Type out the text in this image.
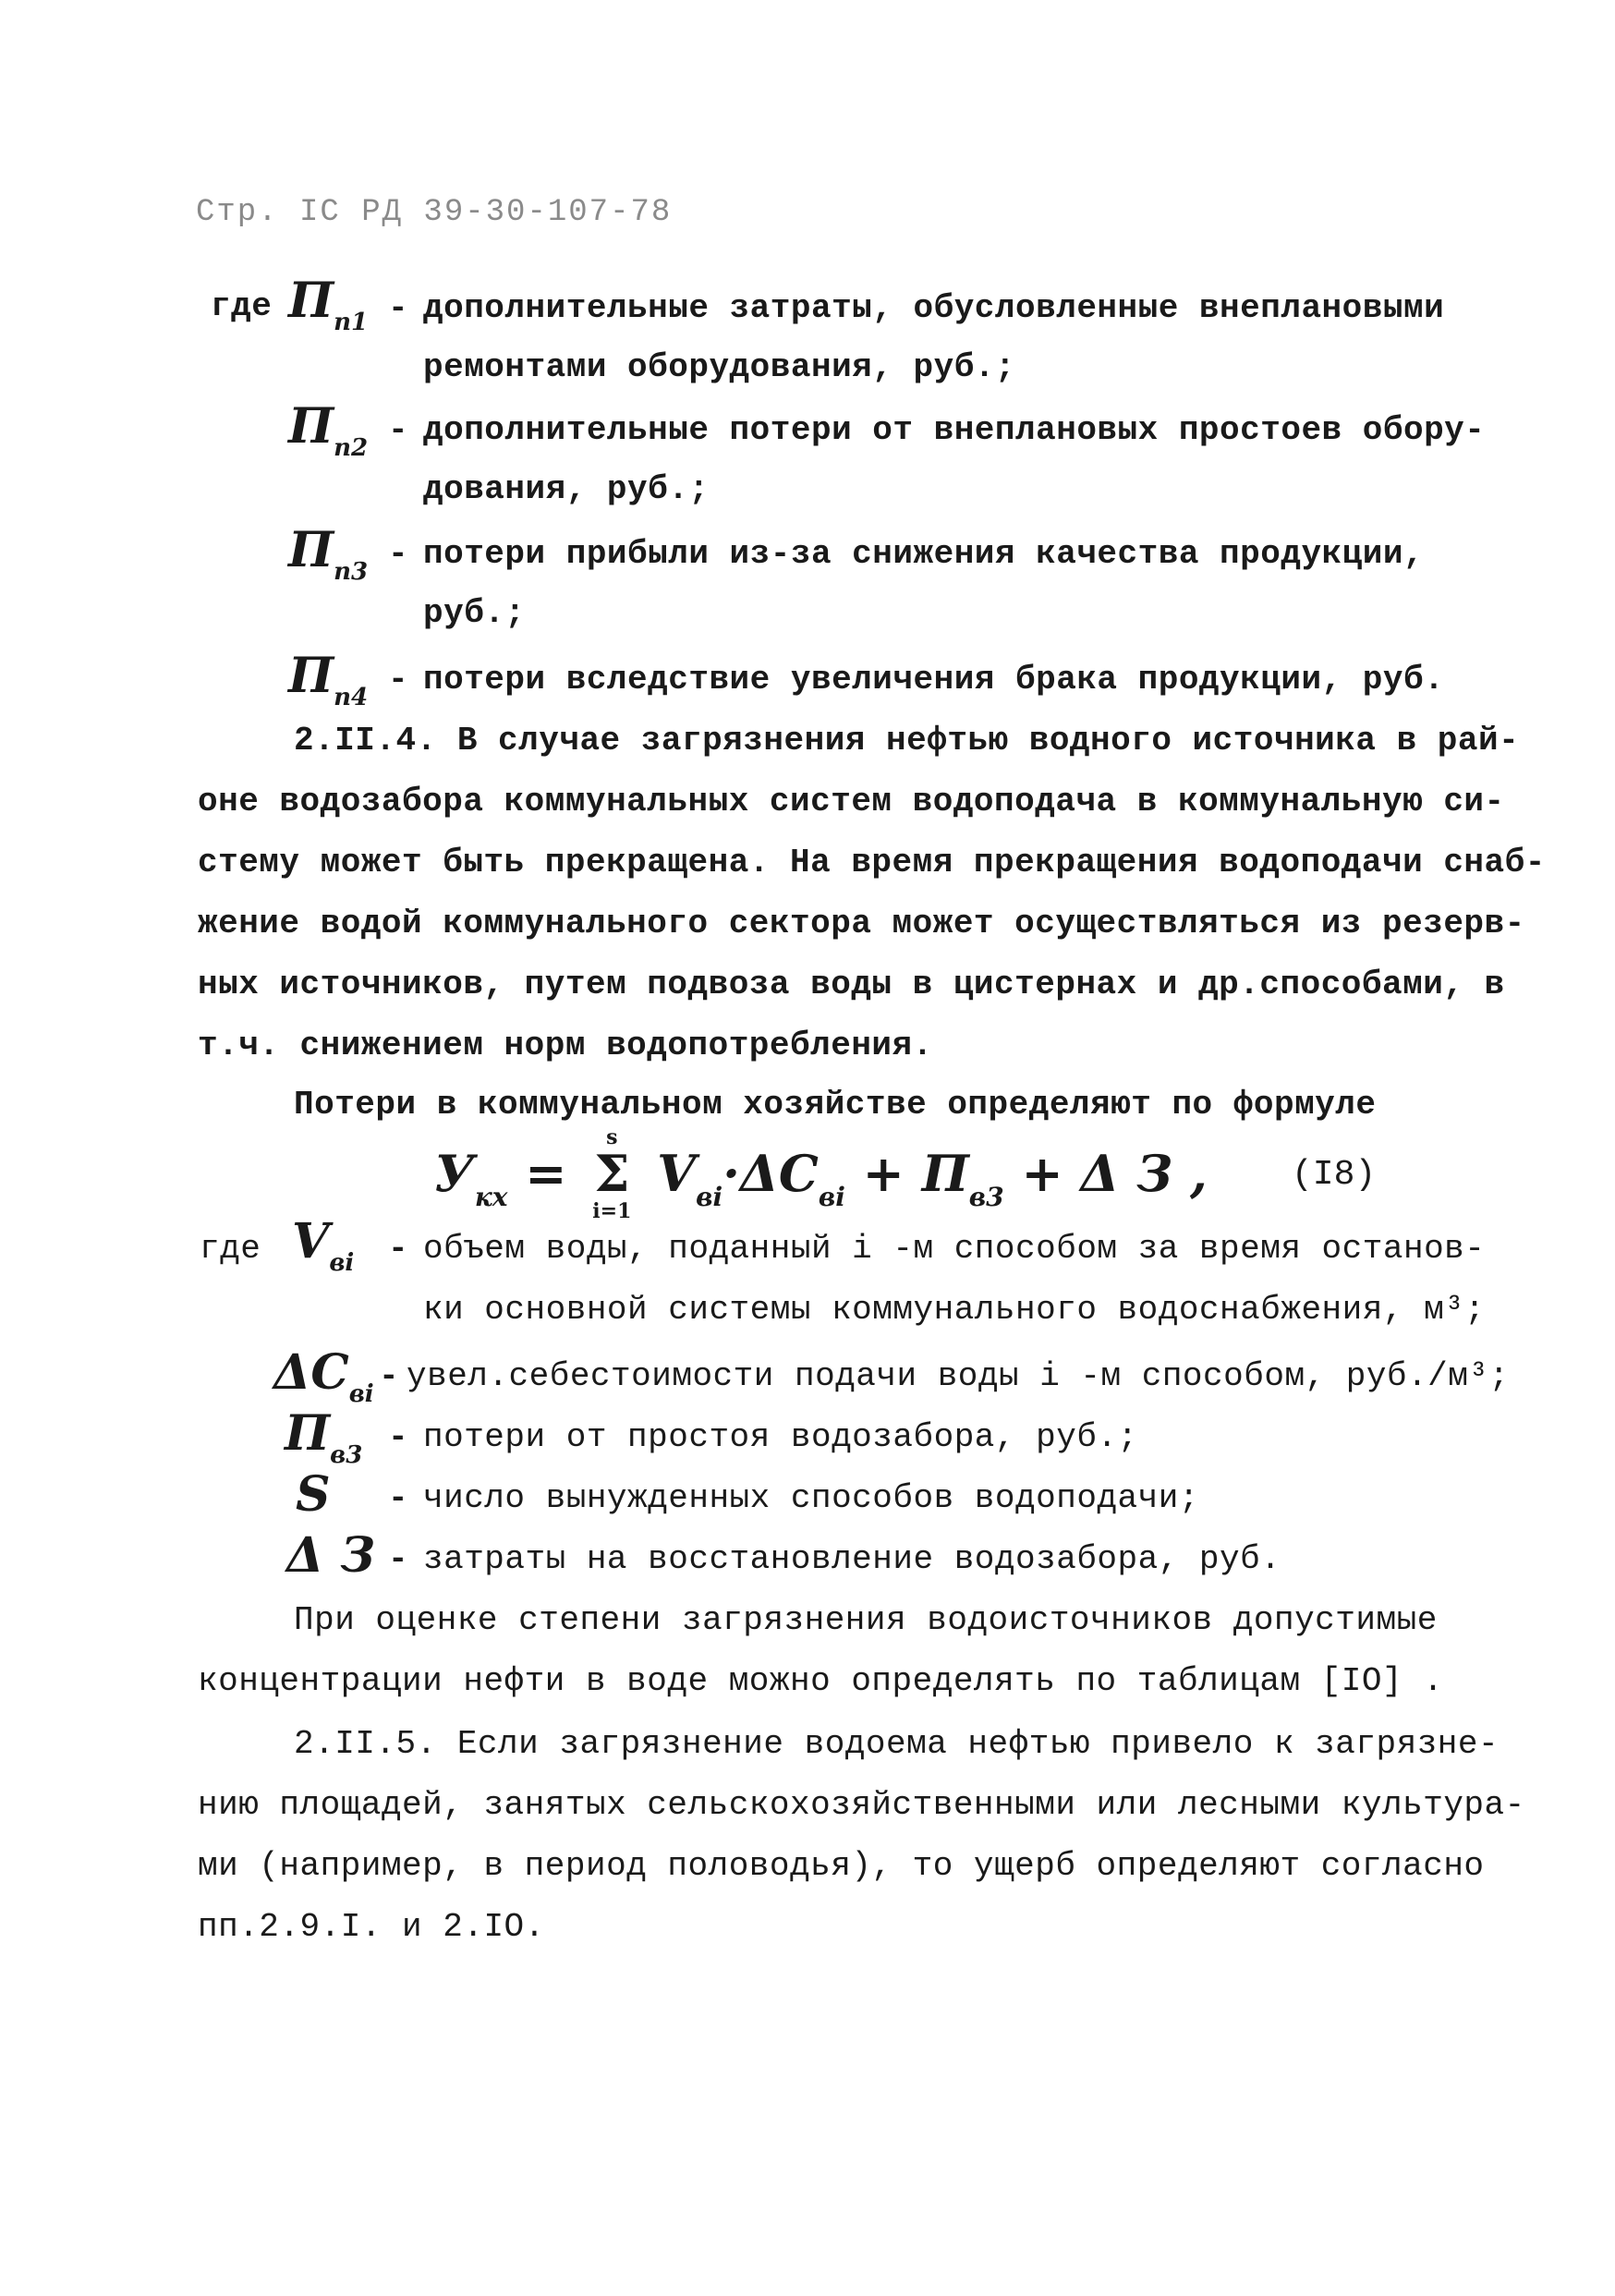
Стр. IC РД 39-30-107-78
где $П_{п1}$ - дополнительные затраты, обусловленные внеплановыми
ремонтами оборудования, руб.;
$П_{п2}$ - дополнительные потери от внеплановых простоев обору-
дования, руб.;
$П_{п3}$ - потери прибыли из-за снижения качества продукции,
руб.;
$П_{п4}$ - потери вследствие увеличения брака продукции, руб.
2.II.4. В случае загрязнения нефтью водного источника в рай-
оне водозабора коммунальных систем водоподача в коммунальную си-
стему может быть прекращена. На время прекращения водоподачи снаб-
жение водой коммунального сектора может осуществляться из резерв-
ных источников, путем подвоза воды в цистернах и др.способами, в
т.ч. снижением норм водопотребления.
Потери в коммунальном хозяйстве определяют по формуле
$У_{кх}$ =
s
Σ
i=1
$V_{вi}\cdot\Delta C_{вi} + П_{в3} + \Delta$ З , (I8)
где $V_{вi}$ - объем воды, поданный i -м способом за время останов-
ки основной системы коммунального водоснабжения, м³;
$\Delta C_{вi}$ - увел.себестоимости подачи воды i -м способом, руб./м³;
$П_{в3}$ - потери от простоя водозабора, руб.;
S - число вынужденных способов водоподачи;
Δ З - затраты на восстановление водозабора, руб.
При оценке степени загрязнения водоисточников допустимые
концентрации нефти в воде можно определять по таблицам [IO] .
2.II.5. Если загрязнение водоема нефтью привело к загрязне-
нию площадей, занятых сельскохозяйственными или лесными культура-
ми (например, в период половодья), то ущерб определяют согласно
пп.2.9.I. и 2.IO.
